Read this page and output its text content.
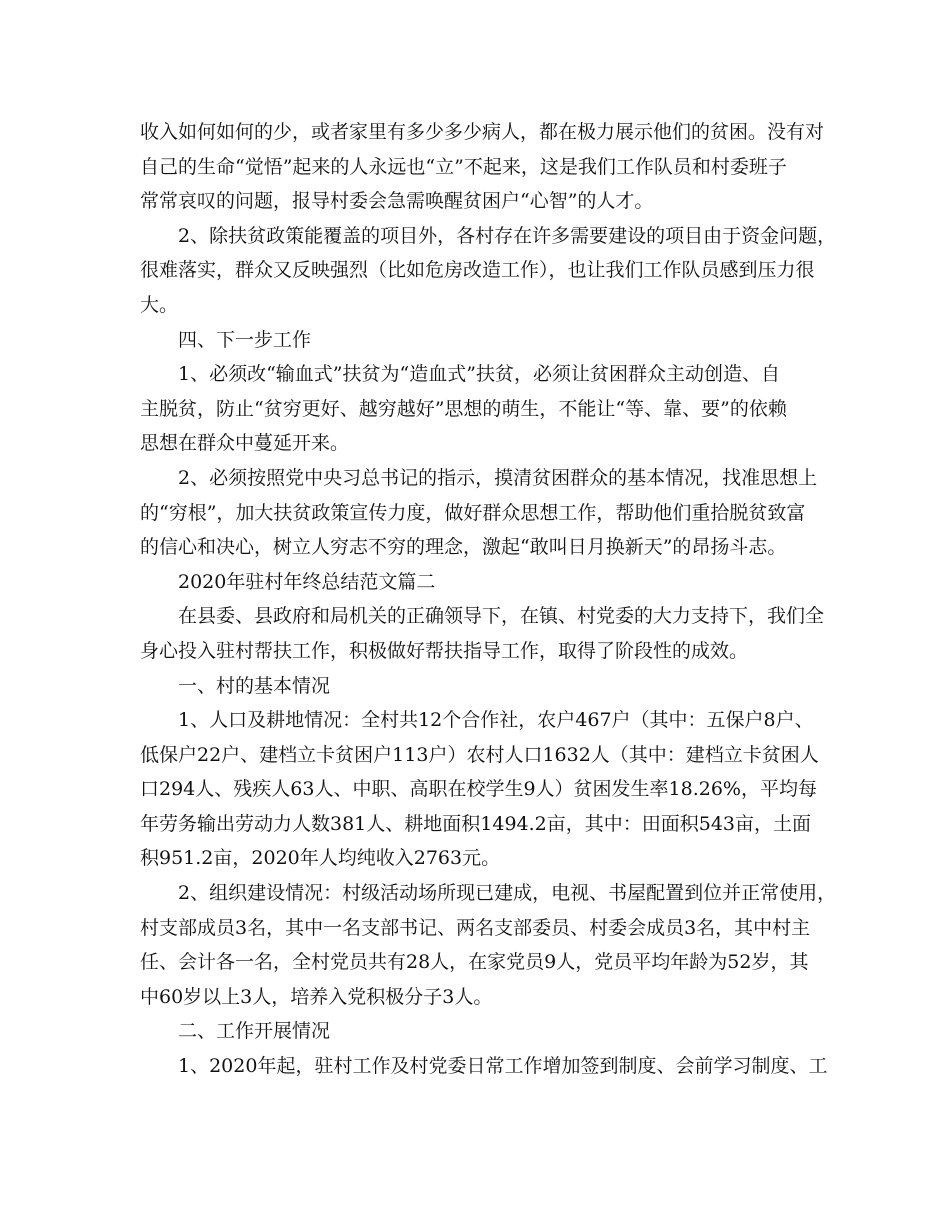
收入如何如何的少，或者家里有多少多少病人，都在极力展示他们的贫困。没有对
自己的生命“觉悟”起来的人永远也“立”不起来，这是我们工作队员和村委班子
常常哀叹的问题，报导村委会急需唤醒贫困户“心智”的人才。
2、除扶贫政策能覆盖的项目外，各村存在许多需要建设的项目由于资金问题，
很难落实，群众又反映强烈（比如危房改造工作），也让我们工作队员感到压力很
大。
四、下一步工作
1、必须改“输血式”扶贫为“造血式”扶贫，必须让贫困群众主动创造、自
主脱贫，防止“贫穷更好、越穷越好”思想的萌生，不能让“等、靠、要”的依赖
思想在群众中蔓延开来。
2、必须按照党中央习总书记的指示，摸清贫困群众的基本情况，找准思想上
的“穷根”，加大扶贫政策宣传力度，做好群众思想工作，帮助他们重拾脱贫致富
的信心和决心，树立人穷志不穷的理念，激起“敢叫日月换新天”的昂扬斗志。
2020年驻村年终总结范文篇二
在县委、县政府和局机关的正确领导下，在镇、村党委的大力支持下，我们全
身心投入驻村帮扶工作，积极做好帮扶指导工作，取得了阶段性的成效。
一、村的基本情况
1、人口及耕地情况：全村共12个合作社，农户467户（其中：五保户8户、
低保户22户、建档立卡贫困户113户）农村人口1632人（其中：建档立卡贫困人
口294人、残疾人63人、中职、高职在校学生9人）贫困发生率18.26%，平均每
年劳务输出劳动力人数381人、耕地面积1494.2亩，其中：田面积543亩，土面
积951.2亩，2020年人均纯收入2763元。
2、组织建设情况：村级活动场所现已建成，电视、书屋配置到位并正常使用，
村支部成员3名，其中一名支部书记、两名支部委员、村委会成员3名，其中村主
任、会计各一名，全村党员共有28人，在家党员9人，党员平均年龄为52岁，其
中60岁以上3人，培养入党积极分子3人。
二、工作开展情况
1、2020年起，驻村工作及村党委日常工作增加签到制度、会前学习制度、工
